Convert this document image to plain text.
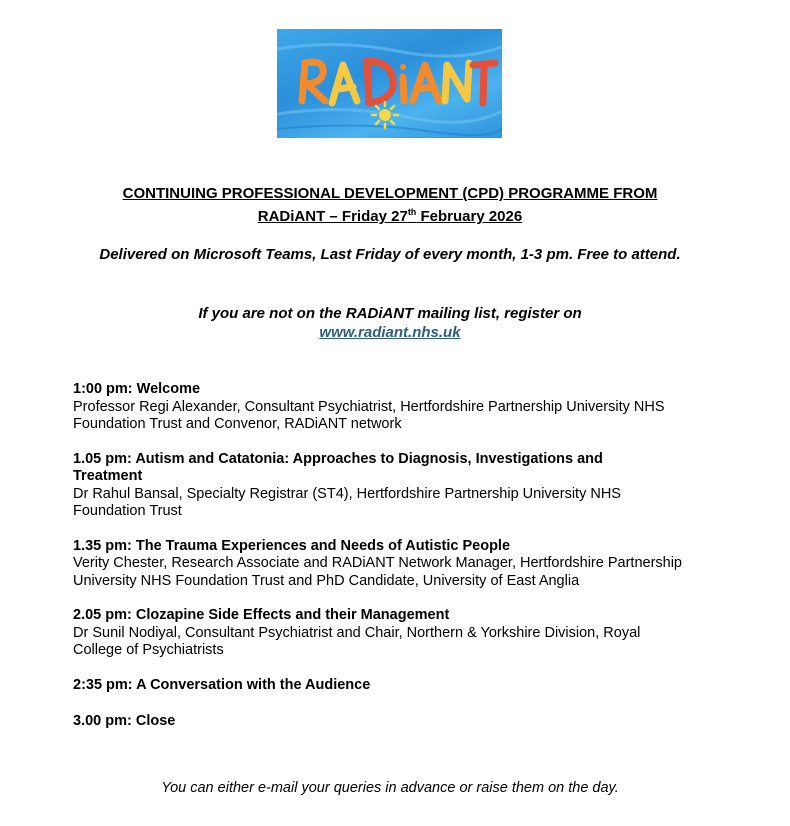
CONTINUING PROFESSIONAL DEVELOPMENT (CPD) PROGRAMME FROM
RADiANT – Friday 27th February 2026
Delivered on Microsoft Teams, Last Friday of every month, 1-3 pm. Free to attend.
If you are not on the RADiANT mailing list, register on
www.radiant.nhs.uk
1:00 pm: Welcome
Professor Regi Alexander, Consultant Psychiatrist, Hertfordshire Partnership University NHS Foundation Trust and Convenor, RADiANT network
1.05 pm: Autism and Catatonia: Approaches to Diagnosis, Investigations and Treatment
Dr Rahul Bansal, Specialty Registrar (ST4), Hertfordshire Partnership University NHS Foundation Trust
1.35 pm: The Trauma Experiences and Needs of Autistic People
Verity Chester, Research Associate and RADiANT Network Manager, Hertfordshire Partnership University NHS Foundation Trust and PhD Candidate, University of East Anglia
2.05 pm: Clozapine Side Effects and their Management
Dr Sunil Nodiyal, Consultant Psychiatrist and Chair, Northern & Yorkshire Division, Royal College of Psychiatrists
2:35 pm: A Conversation with the Audience
3.00 pm: Close
You can either e-mail your queries in advance or raise them on the day.
